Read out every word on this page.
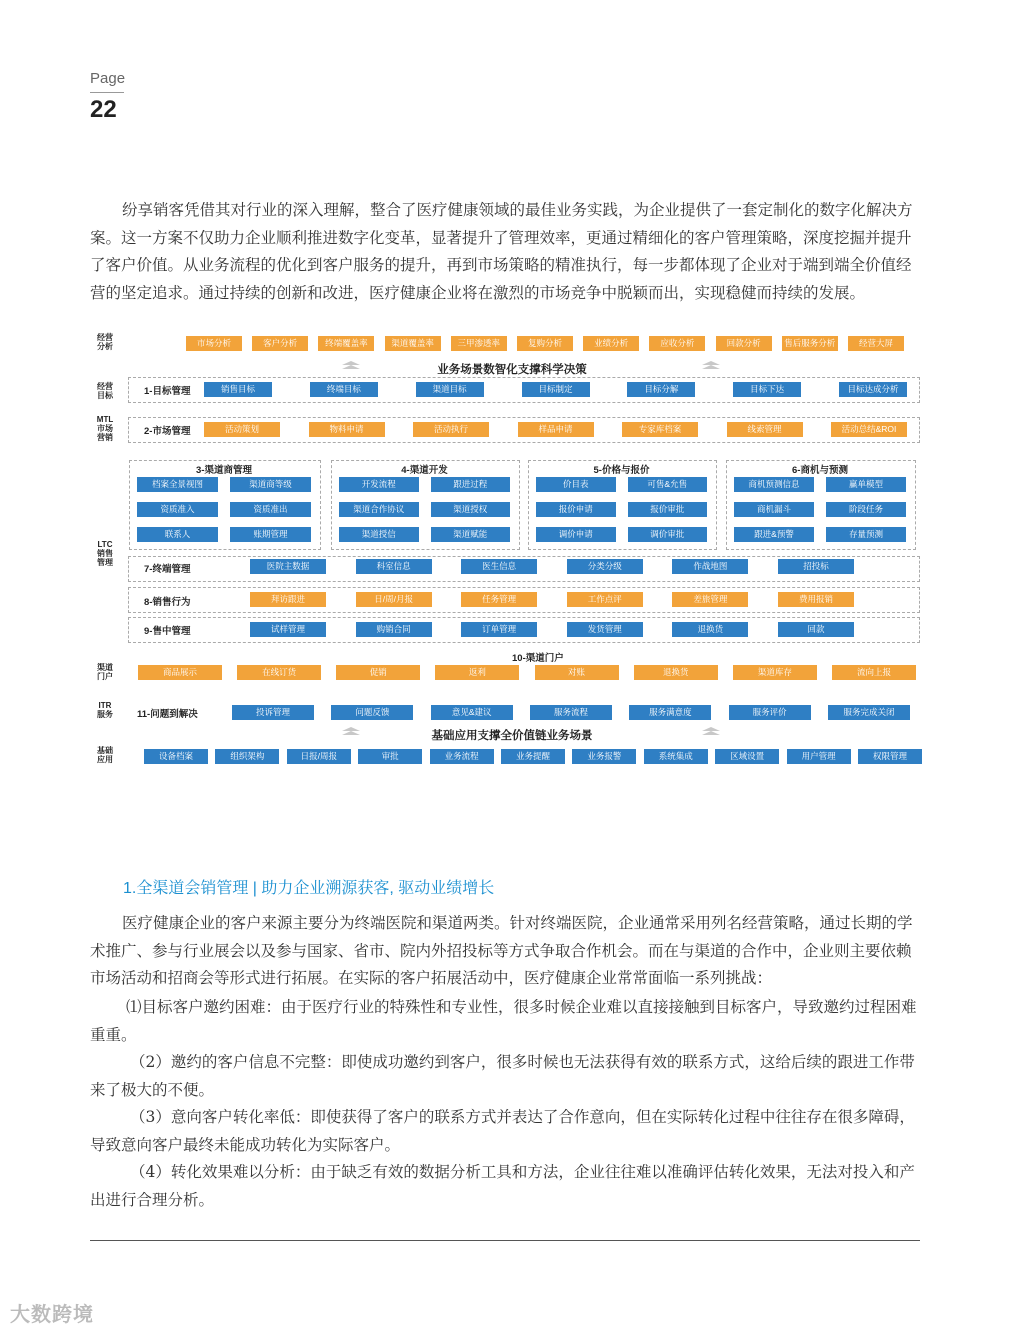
Page
22

纷享销客凭借其对行业的深入理解，整合了医疗健康领域的最佳业务实践，为企业提供了一套定制化的数字化解决方案。这一方案不仅助力企业顺利推进数字化变革，显著提升了管理效率，更通过精细化的客户管理策略，深度挖掘并提升了客户价值。从业务流程的优化到客户服务的提升，再到市场策略的精准执行，每一步都体现了企业对于端到端全价值经营的坚定追求。通过持续的创新和改进，医疗健康企业将在激烈的市场竞争中脱颖而出，实现稳健而持续的发展。

经营
分析	市场分析	客户分析	终端覆盖率	渠道覆盖率	三甲渗透率	复购分析	业绩分析	应收分析	回款分析	售后服务分析	经营大屏
业务场景数智化支撑科学决策
经营
目标	1-目标管理	销售目标	终端目标	渠道目标	目标制定	目标分解	目标下达	目标达成分析
MTL
市场
营销
2-市场管理	活动策划	物料申请	活动执行	样品申请	专家库档案	线索管理	活动总结&ROI
3-渠道商管理
档案全景视图	渠道商等级
资质准入	资质准出
联系人	账期管理
4-渠道开发
开发流程	跟进过程
渠道合作协议	渠道授权
渠道授信	渠道赋能
5-价格与报价
价目表	可售&允售
报价申请	报价审批
调价申请	调价审批
6-商机与预测
商机预测信息	赢单模型
商机漏斗	阶段任务
跟进&预警	存量预测
LTC
销售
管理
7-终端管理	医院主数据	科室信息	医生信息	分类分级	作战地图	招投标
8-销售行为	拜访跟进	日/周/月报	任务管理	工作点评	差旅管理	费用报销
9-售中管理	试样管理	购销合同	订单管理	发货管理	退换货	回款
渠道
门户
10-渠道门户
商品展示	在线订货	促销	返利	对账	退换货	渠道库存	流向上报
ITR
服务	11-问题到解决	投诉管理	问题反馈	意见&建议	服务流程	服务满意度	服务评价	服务完成关闭
基础应用支撑全价值链业务场景
基础
应用	设备档案	组织架构	日报/周报	审批	业务流程	业务提醒	业务报警	系统集成	区域设置	用户管理	权限管理
1.全渠道会销管理 | 助力企业溯源获客, 驱动业绩增长

医疗健康企业的客户来源主要分为终端医院和渠道两类。针对终端医院，企业通常采用列名经营策略，通过长期的学术推广、参与行业展会以及参与国家、省市、院内外招投标等方式争取合作机会。而在与渠道的合作中，企业则主要依赖市场活动和招商会等形式进行拓展。在实际的客户拓展活动中，医疗健康企业常常面临一系列挑战：

⑴目标客户邀约困难：由于医疗行业的特殊性和专业性，很多时候企业难以直接接触到目标客户，导致邀约过程困难重重。

（2）邀约的客户信息不完整：即使成功邀约到客户，很多时候也无法获得有效的联系方式，这给后续的跟进工作带来了极大的不便。

（3）意向客户转化率低：即使获得了客户的联系方式并表达了合作意向，但在实际转化过程中往往存在很多障碍，导致意向客户最终未能成功转化为实际客户。

（4）转化效果难以分析：由于缺乏有效的数据分析工具和方法，企业往往难以准确评估转化效果，无法对投入和产出进行合理分析。

大数跨境
